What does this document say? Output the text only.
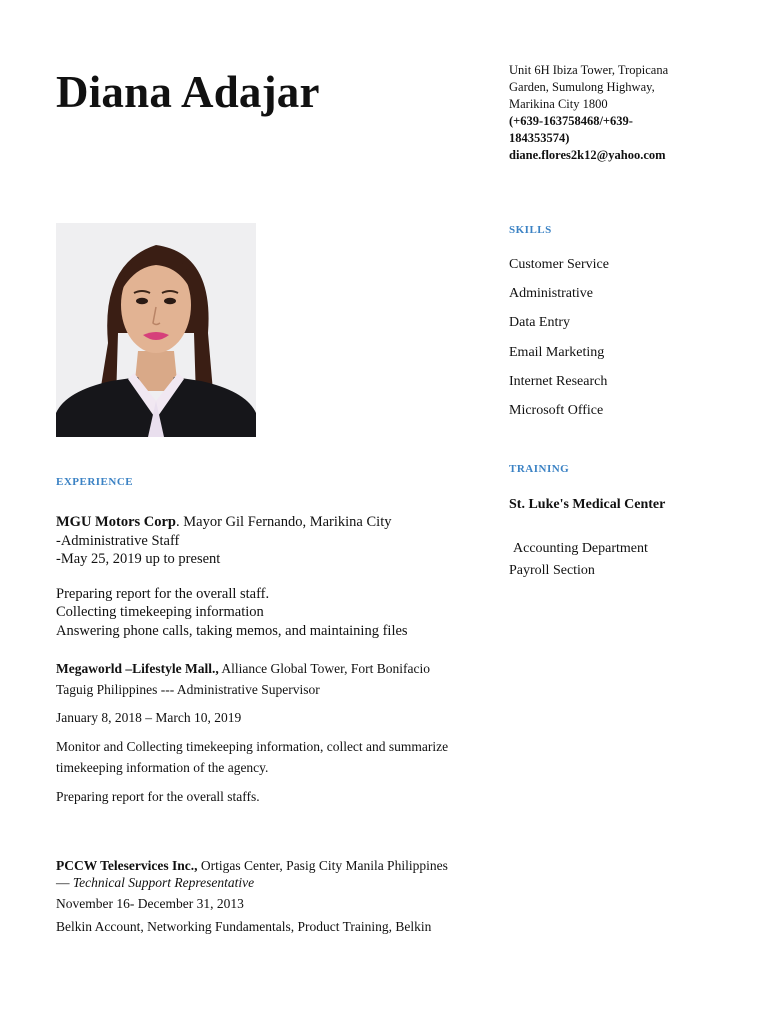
Diana Adajar	Unit 6H Ibiza Tower, Tropicana
Garden, Sumulong Highway,
Marikina City 1800
(+639-163758468/+639-
184353574)
diane.flores2k12@yahoo.com
SKILLS
Customer Service
Administrative
Data Entry
Email Marketing
Internet Research
Microsoft Office
TRAINING
St. Luke's Medical Center
Accounting Department
Payroll Section
EXPERIENCE
MGU Motors Corp. Mayor Gil Fernando, Marikina City
-Administrative Staff
-May 25, 2019 up to present
Preparing report for the overall staff.
Collecting timekeeping information
Answering phone calls, taking memos, and maintaining files
Megaworld –Lifestyle Mall., Alliance Global Tower, Fort Bonifacio
Taguig Philippines --- Administrative Supervisor
January 8, 2018 – March 10, 2019
Monitor and Collecting timekeeping information, collect and summarize
timekeeping information of the agency.
Preparing report for the overall staffs.
PCCW Teleservices Inc., Ortigas Center, Pasig City Manila Philippines
— Technical Support Representative
November 16- December 31, 2013
Belkin Account, Networking Fundamentals, Product Training, Belkin
